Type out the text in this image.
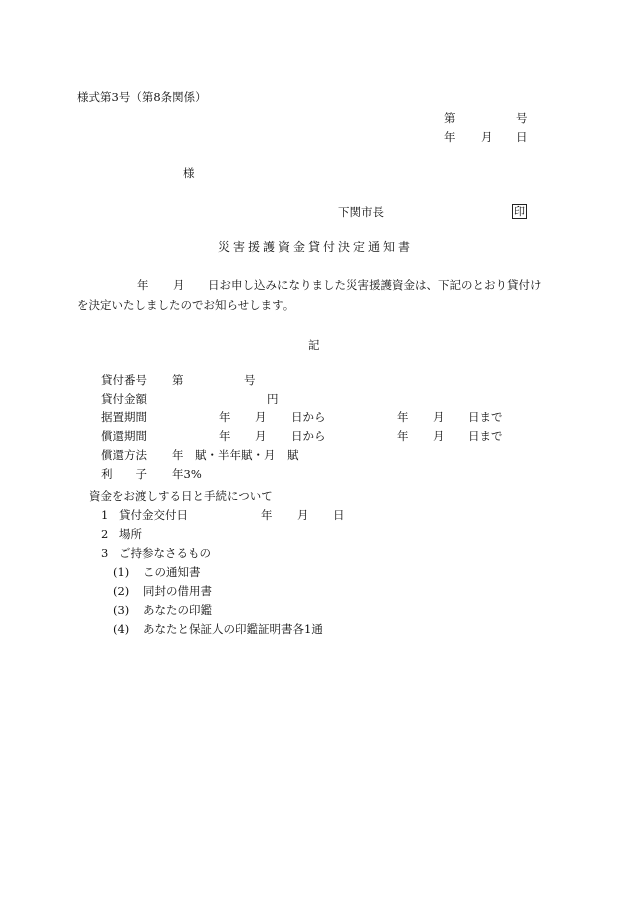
様式第3号（第8条関係）
第	号
年 月 日
様
下関市長	印
災害援護資金貸付決定通知書
年 月 日お申し込みになりました災害援護資金は、下記のとおり貸付け
を決定いたしましたのでお知らせします。
記
貸付番号 第	号
貸付金額	円
据置期間	年 月 日から	年 月 日まで
償還期間	年 月 日から	年 月 日まで
償還方法 年　賦・半年賦・月　賦
利　　子 年3%
資金をお渡しする日と手続について
1 貸付金交付日	年 月 日
2 場所
3 ご持参なさるもの
(1) この通知書
(2) 同封の借用書
(3) あなたの印鑑
(4) あなたと保証人の印鑑証明書各1通
